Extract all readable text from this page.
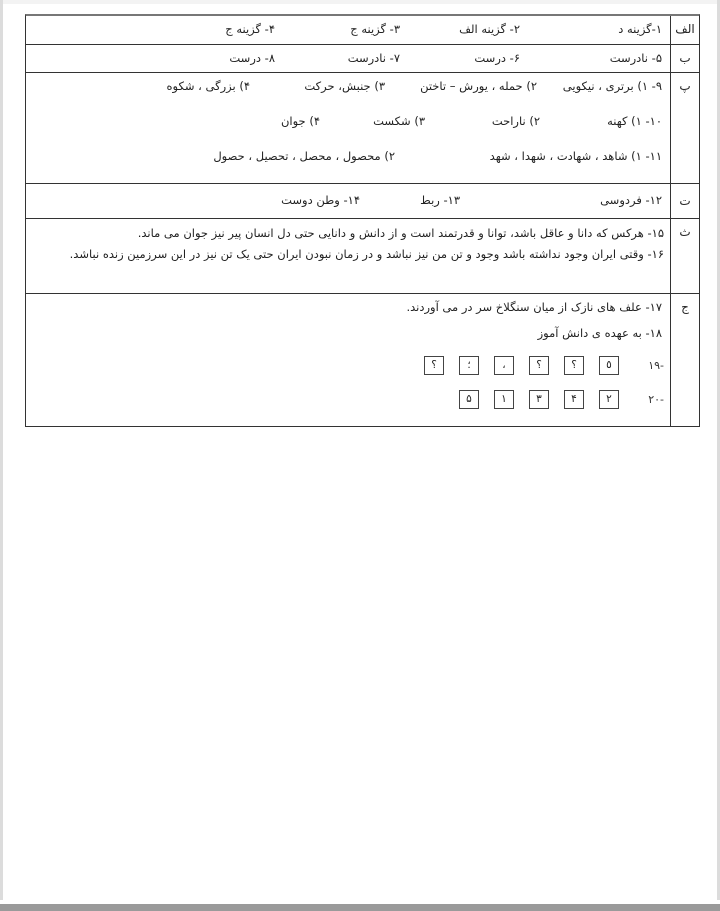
الف
۱-گزینه د
۲- گزینه الف
۳- گزینه ج
۴- گزینه ج
ب
۵- نادرست
۶- درست
۷- نادرست
۸- درست
پ
۹- ۱) برتری ، نیکویی
۲) حمله ، یورش – تاختن
۳) جنبش، حرکت
۴) بزرگی ، شکوه
۱۰- ۱) کهنه
۲) ناراحت
۳) شکست
۴) جوان
۱۱- ۱) شاهد ، شهادت ، شهدا ، شهد
۲) محصول ، محصل ، تحصیل ، حصول
ت
۱۲- فردوسی
۱۳- ربط
۱۴- وطن دوست
ث
۱۵- هرکس که دانا و عاقل باشد، توانا و قدرتمند است و از دانش و دانایی حتی دل انسان پیر نیز جوان می ماند.
۱۶- وقتی ایران وجود نداشته باشد وجود و تن من نیز نباشد و در زمان نبودن ایران حتی یک تن نیز در این سرزمین زنده نباشد.
ج
۱۷- علف های نازک از میان سنگلاخ سر در می آوردند.
۱۸- به عهده ی دانش آموز
-۱۹
٥
؟
؟
،
؛
؟
-۲۰
۲
۴
۳
۱
۵
